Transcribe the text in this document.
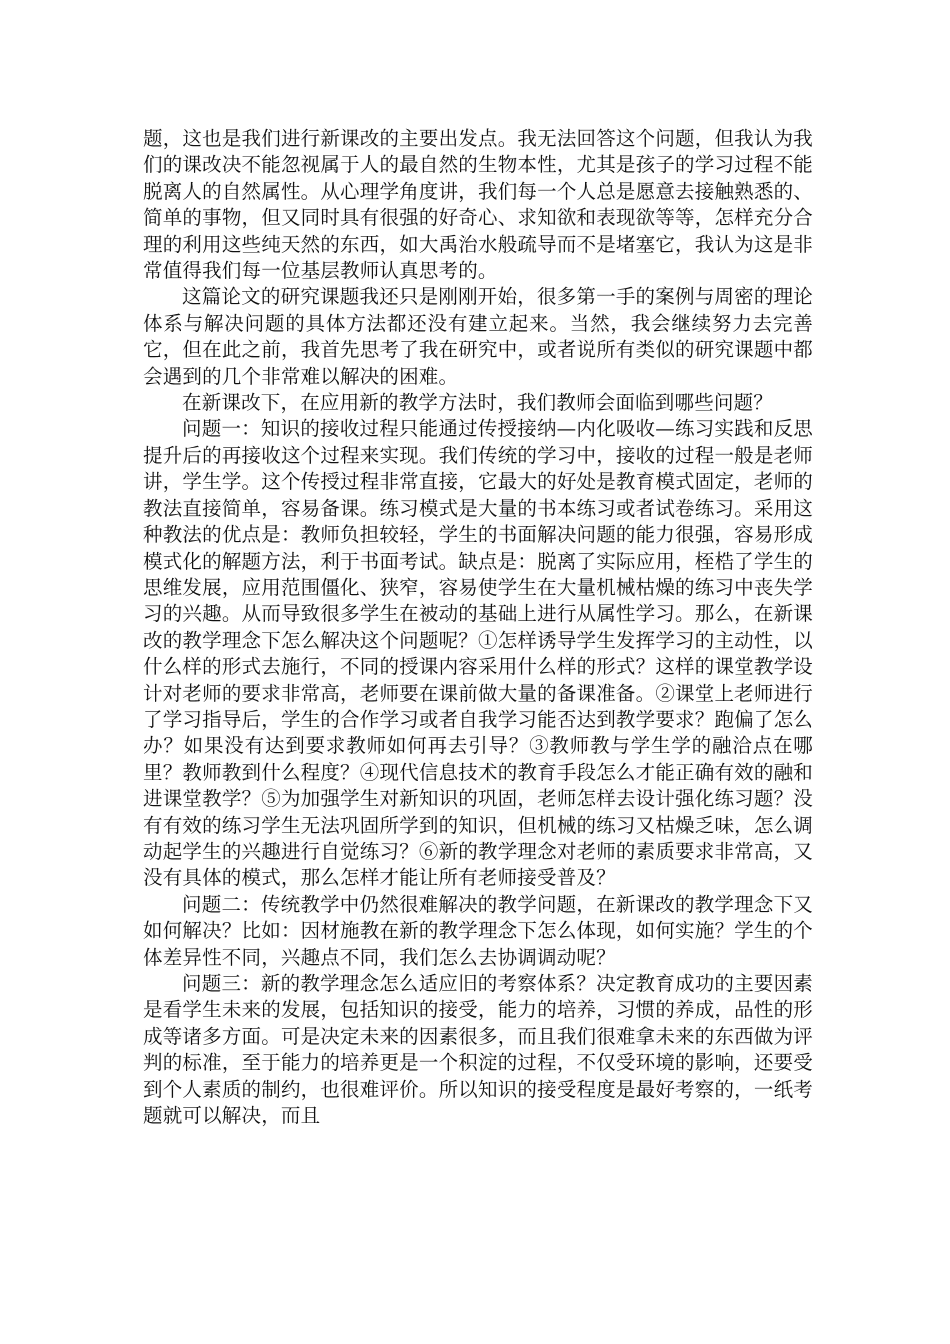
题，这也是我们进行新课改的主要出发点。我无法回答这个问题，但我认为我们的课改决不能忽视属于人的最自然的生物本性，尤其是孩子的学习过程不能脱离人的自然属性。从心理学角度讲，我们每一个人总是愿意去接触熟悉的、简单的事物，但又同时具有很强的好奇心、求知欲和表现欲等等，怎样充分合理的利用这些纯天然的东西，如大禹治水般疏导而不是堵塞它，我认为这是非常值得我们每一位基层教师认真思考的。

这篇论文的研究课题我还只是刚刚开始，很多第一手的案例与周密的理论体系与解决问题的具体方法都还没有建立起来。当然，我会继续努力去完善它，但在此之前，我首先思考了我在研究中，或者说所有类似的研究课题中都会遇到的几个非常难以解决的困难。

在新课改下，在应用新的教学方法时，我们教师会面临到哪些问题？

问题一：知识的接收过程只能通过传授接纳—内化吸收—练习实践和反思提升后的再接收这个过程来实现。我们传统的学习中，接收的过程一般是老师讲，学生学。这个传授过程非常直接，它最大的好处是教育模式固定，老师的教法直接简单，容易备课。练习模式是大量的书本练习或者试卷练习。采用这种教法的优点是：教师负担较轻，学生的书面解决问题的能力很强，容易形成模式化的解题方法，利于书面考试。缺点是：脱离了实际应用，桎梏了学生的思维发展，应用范围僵化、狭窄，容易使学生在大量机械枯燥的练习中丧失学习的兴趣。从而导致很多学生在被动的基础上进行从属性学习。那么，在新课改的教学理念下怎么解决这个问题呢？①怎样诱导学生发挥学习的主动性，以什么样的形式去施行，不同的授课内容采用什么样的形式？这样的课堂教学设计对老师的要求非常高，老师要在课前做大量的备课准备。②课堂上老师进行了学习指导后，学生的合作学习或者自我学习能否达到教学要求？跑偏了怎么办？如果没有达到要求教师如何再去引导？③教师教与学生学的融洽点在哪里？教师教到什么程度？④现代信息技术的教育手段怎么才能正确有效的融和进课堂教学？⑤为加强学生对新知识的巩固，老师怎样去设计强化练习题？没有有效的练习学生无法巩固所学到的知识，但机械的练习又枯燥乏味，怎么调动起学生的兴趣进行自觉练习？⑥新的教学理念对老师的素质要求非常高，又没有具体的模式，那么怎样才能让所有老师接受普及？

问题二：传统教学中仍然很难解决的教学问题，在新课改的教学理念下又如何解决？比如：因材施教在新的教学理念下怎么体现，如何实施？学生的个体差异性不同，兴趣点不同，我们怎么去协调调动呢？

问题三：新的教学理念怎么适应旧的考察体系？决定教育成功的主要因素是看学生未来的发展，包括知识的接受，能力的培养，习惯的养成，品性的形成等诸多方面。可是决定未来的因素很多，而且我们很难拿未来的东西做为评判的标准，至于能力的培养更是一个积淀的过程，不仅受环境的影响，还要受到个人素质的制约，也很难评价。所以知识的接受程度是最好考察的，一纸考题就可以解决，而且
